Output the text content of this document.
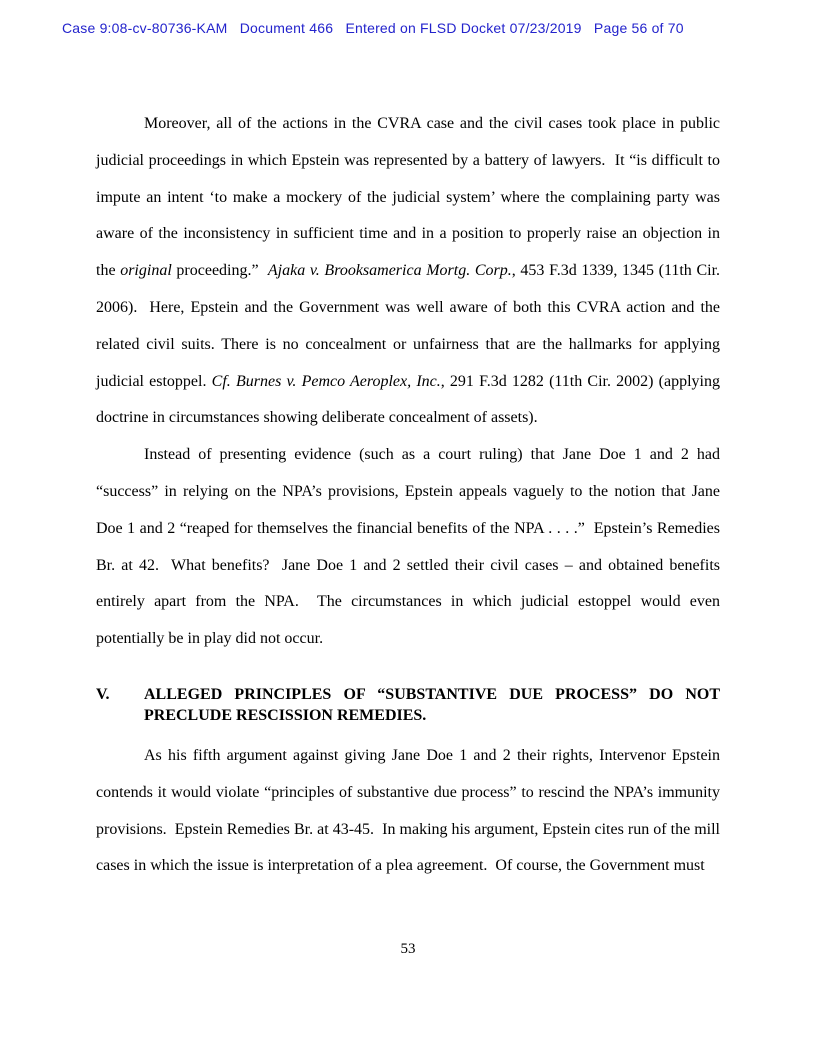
Case 9:08-cv-80736-KAM   Document 466   Entered on FLSD Docket 07/23/2019   Page 56 of 70

Moreover, all of the actions in the CVRA case and the civil cases took place in public judicial proceedings in which Epstein was represented by a battery of lawyers.  It “is difficult to impute an intent ‘to make a mockery of the judicial system’ where the complaining party was aware of the inconsistency in sufficient time and in a position to properly raise an objection in the original proceeding.”  Ajaka v. Brooksamerica Mortg. Corp., 453 F.3d 1339, 1345 (11th Cir. 2006).  Here, Epstein and the Government was well aware of both this CVRA action and the related civil suits. There is no concealment or unfairness that are the hallmarks for applying judicial estoppel. Cf. Burnes v. Pemco Aeroplex, Inc., 291 F.3d 1282 (11th Cir. 2002) (applying doctrine in circumstances showing deliberate concealment of assets).

Instead of presenting evidence (such as a court ruling) that Jane Doe 1 and 2 had “success” in relying on the NPA’s provisions, Epstein appeals vaguely to the notion that Jane Doe 1 and 2 “reaped for themselves the financial benefits of the NPA . . . .”  Epstein’s Remedies Br. at 42.  What benefits?  Jane Doe 1 and 2 settled their civil cases – and obtained benefits entirely apart from the NPA.  The circumstances in which judicial estoppel would even potentially be in play did not occur.

V.	ALLEGED PRINCIPLES OF “SUBSTANTIVE DUE PROCESS” DO NOT
PRECLUDE RESCISSION REMEDIES.

As his fifth argument against giving Jane Doe 1 and 2 their rights, Intervenor Epstein contends it would violate “principles of substantive due process” to rescind the NPA’s immunity provisions.  Epstein Remedies Br. at 43-45.  In making his argument, Epstein cites run of the mill cases in which the issue is interpretation of a plea agreement.  Of course, the Government must

53
